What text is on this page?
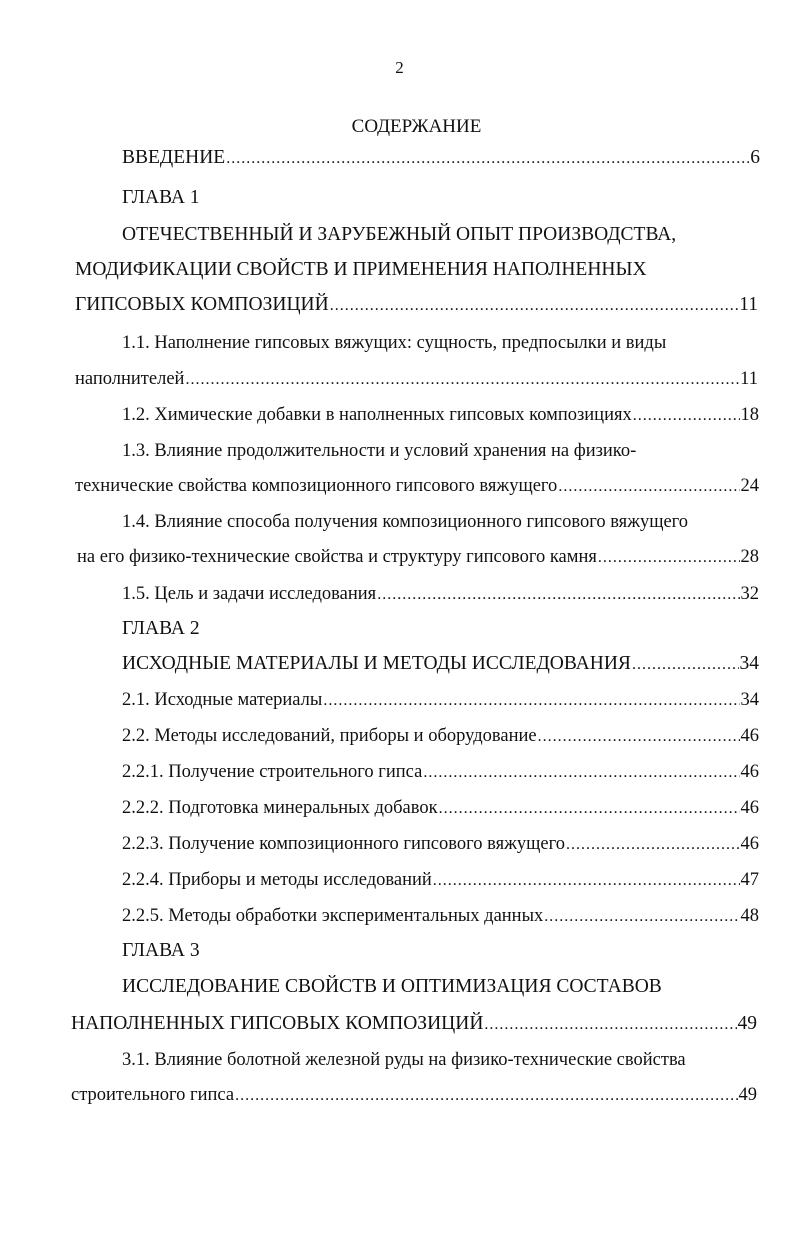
2
СОДЕРЖАНИЕ
ВВЕДЕНИЕ .....	6
ГЛАВА 1
ОТЕЧЕСТВЕННЫЙ И ЗАРУБЕЖНЫЙ ОПЫТ ПРОИЗВОДСТВА,
МОДИФИКАЦИИ СВОЙСТВ И ПРИМЕНЕНИЯ НАПОЛНЕННЫХ
ГИПСОВЫХ КОМПОЗИЦИЙ .....	11
1.1. Наполнение гипсовых вяжущих: сущность, предпосылки и виды
наполнителей .....	11
1.2. Химические добавки в наполненных гипсовых композициях .....	18
1.3. Влияние продолжительности и условий хранения на физико-
технические свойства композиционного гипсового вяжущего .....	24
1.4. Влияние способа получения композиционного гипсового вяжущего
на его физико-технические свойства и структуру гипсового камня .....	28
1.5. Цель и задачи исследования .....	32
ГЛАВА 2
ИСХОДНЫЕ МАТЕРИАЛЫ И МЕТОДЫ ИССЛЕДОВАНИЯ .....	34
2.1. Исходные материалы .....	34
2.2. Методы исследований, приборы и оборудование .....	46
2.2.1. Получение строительного гипса .....	46
2.2.2. Подготовка минеральных добавок .....	46
2.2.3. Получение композиционного гипсового вяжущего .....	46
2.2.4. Приборы и методы исследований .....	47
2.2.5. Методы обработки экспериментальных данных .....	48
ГЛАВА 3
ИССЛЕДОВАНИЕ СВОЙСТВ И ОПТИМИЗАЦИЯ СОСТАВОВ
НАПОЛНЕННЫХ ГИПСОВЫХ КОМПОЗИЦИЙ .....	49
3.1. Влияние болотной железной руды на физико-технические свойства
строительного гипса .....	49
